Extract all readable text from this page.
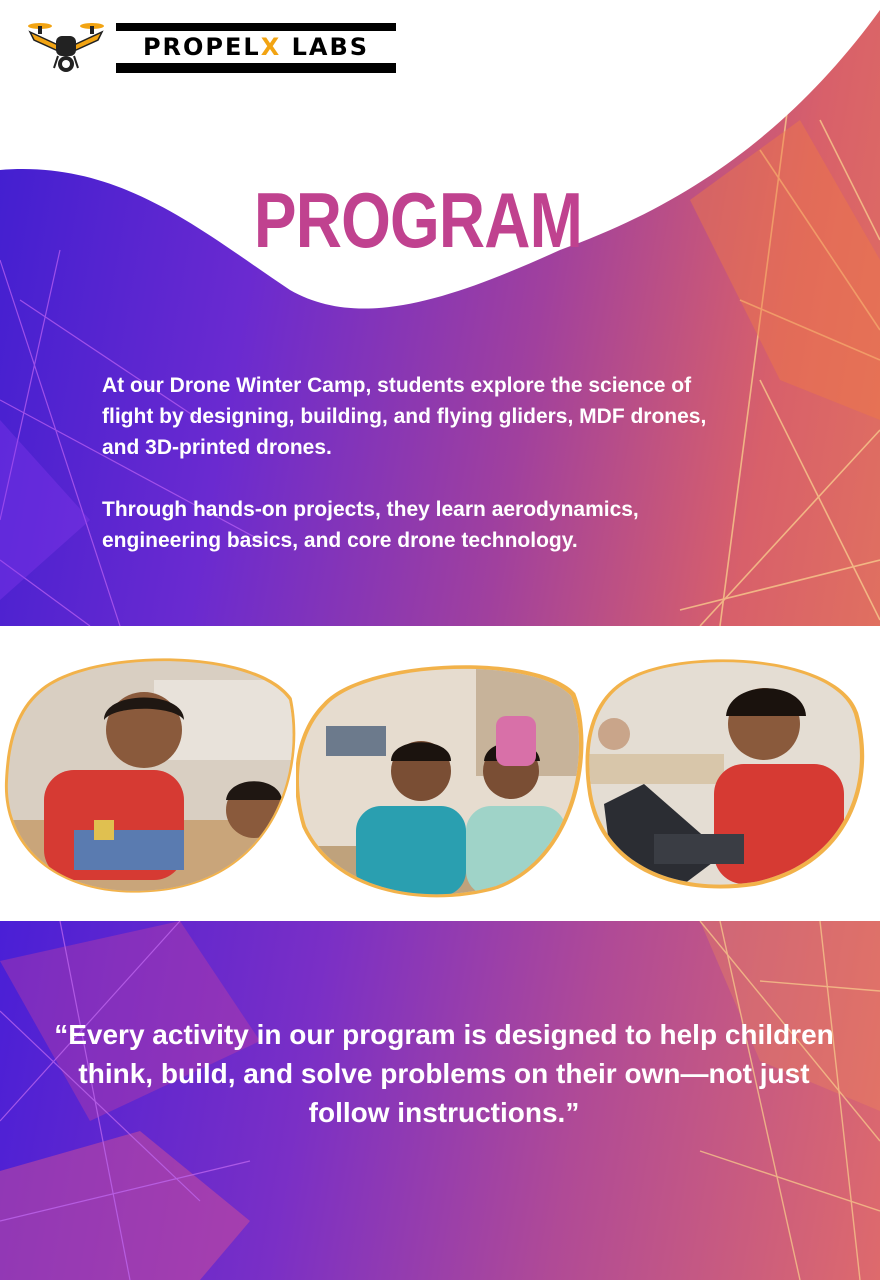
PROPELX LABS
PROGRAM

At our Drone Winter Camp, students explore the science of flight by designing, building, and flying gliders, MDF drones, and 3D-printed drones.

Through hands-on projects, they learn aerodynamics, engineering basics, and core drone technology.

“Every activity in our program is designed to help children think, build, and solve problems on their own—not just follow instructions.”
